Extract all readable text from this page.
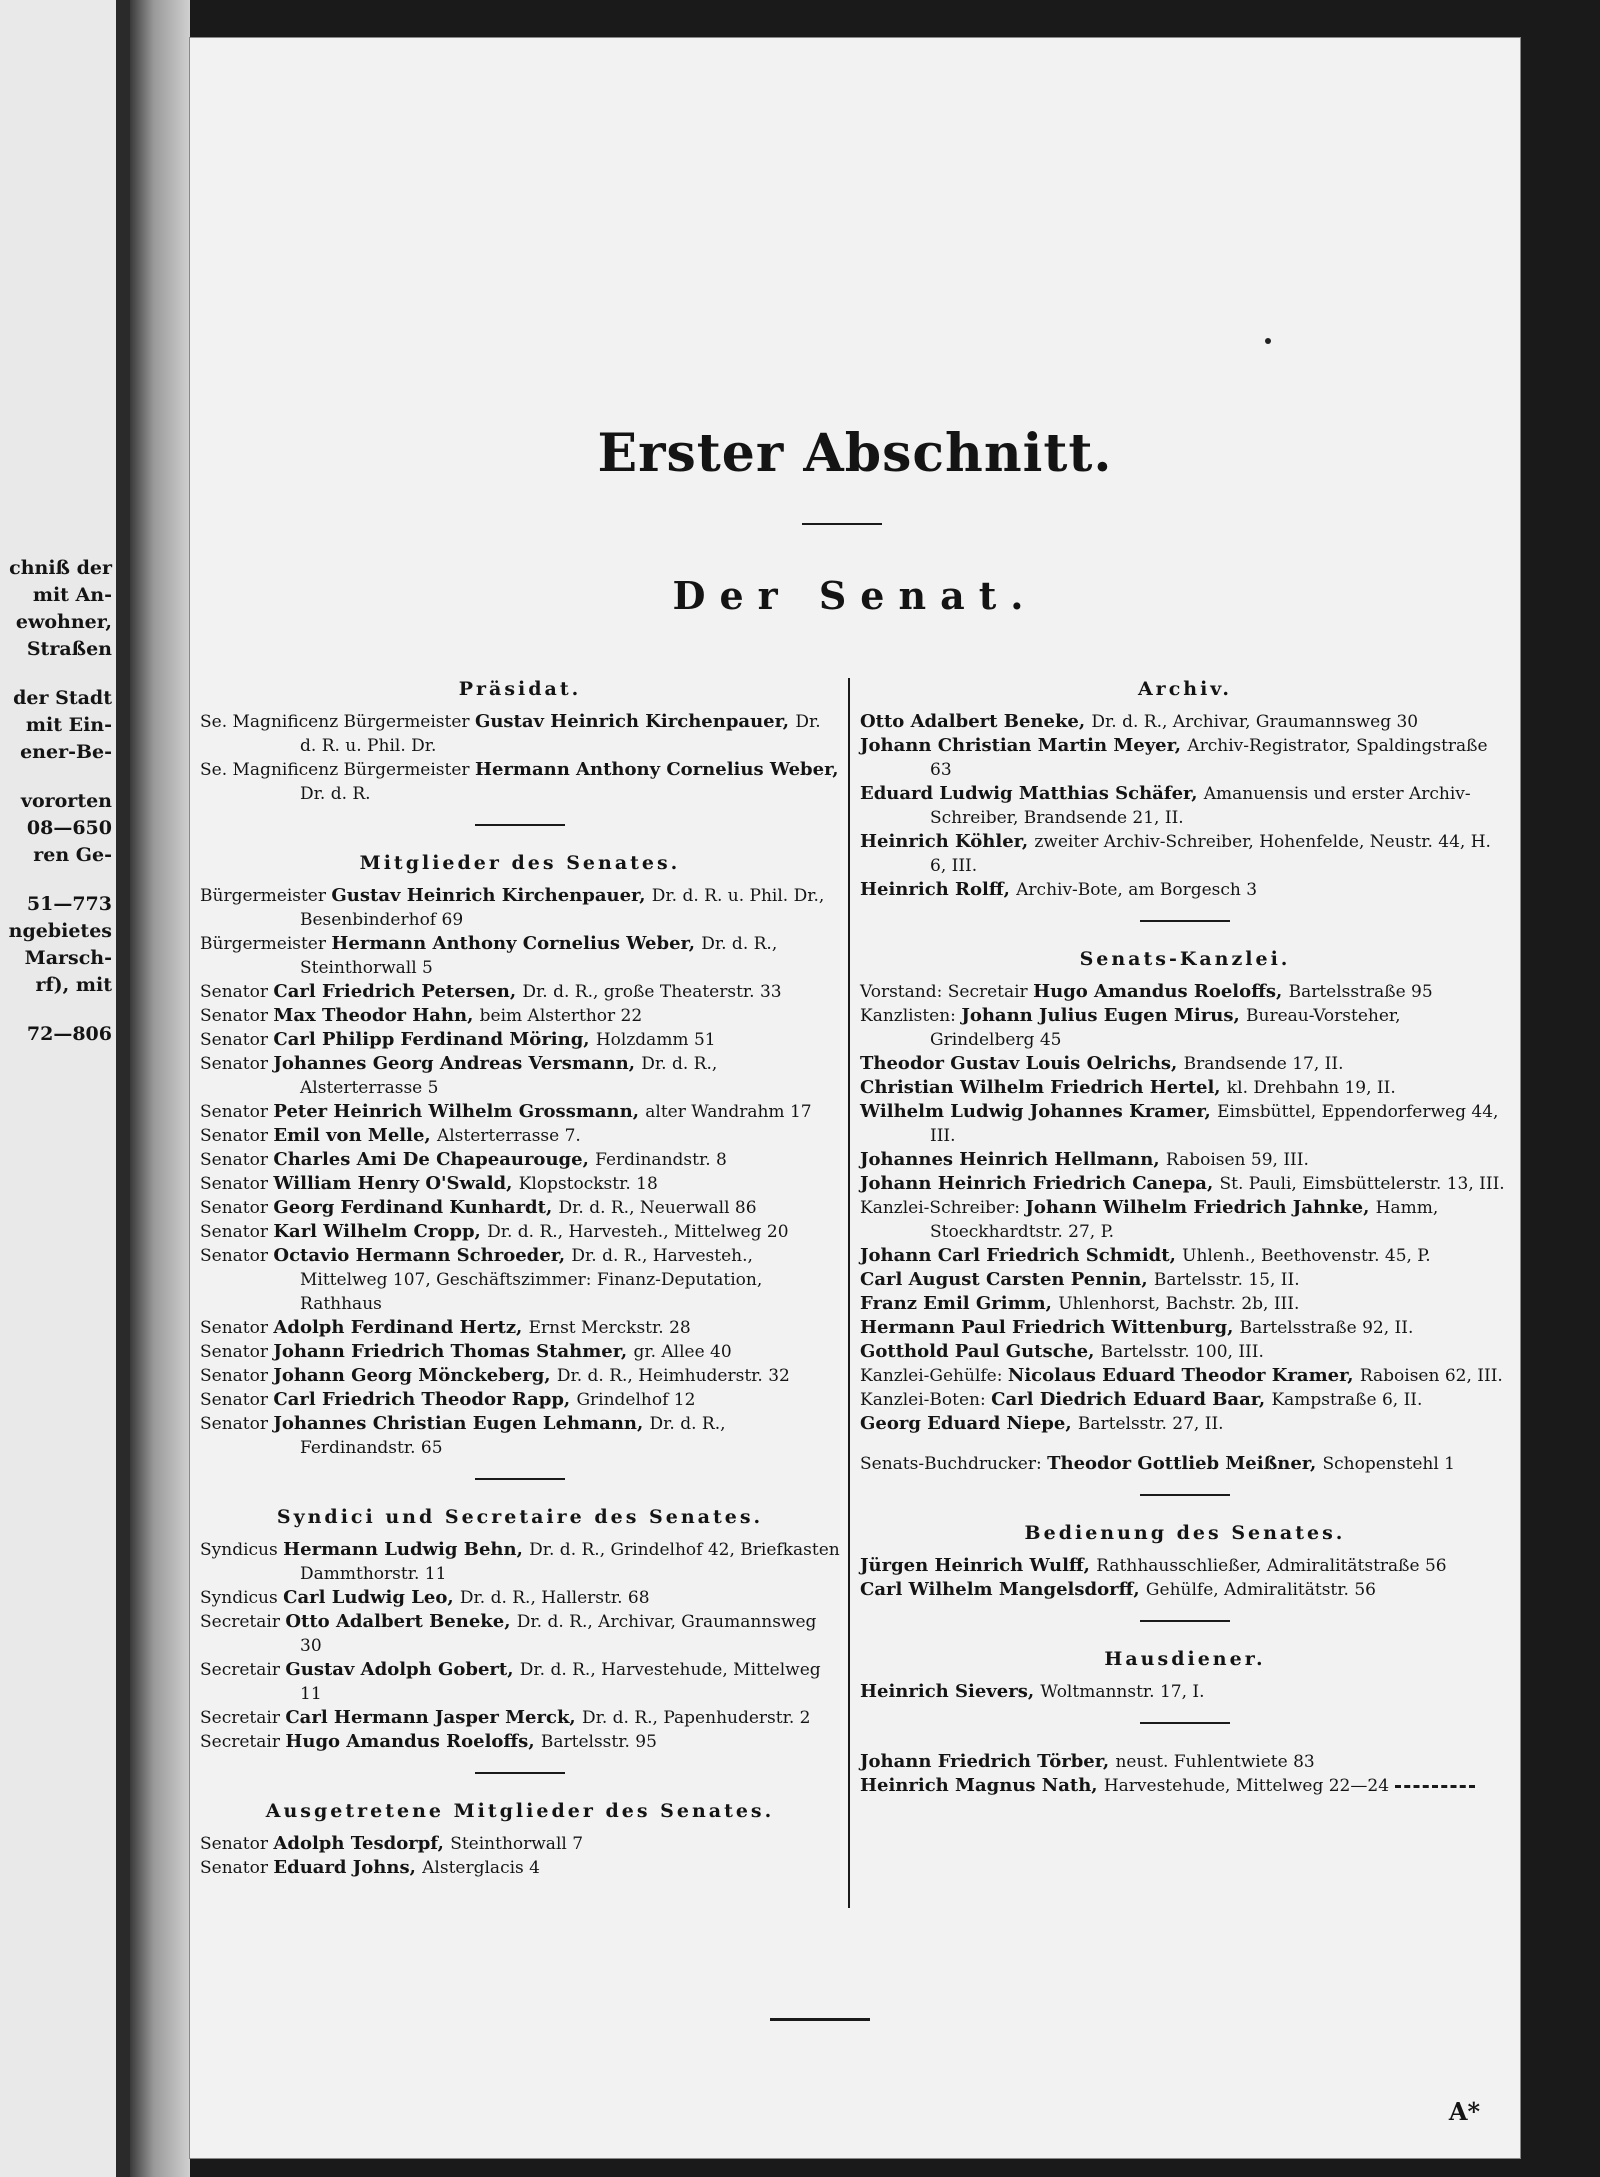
chniß der
mit An-
ewohner,
Straßen
der Stadt
mit Ein-
ener-Be-
vororten
08—650
ren Ge-
51—773
ngebietes
Marsch-
rf), mit
72—806
Erster Abschnitt.
Der Senat.
Präsidat.

Se. Magnificenz Bürgermeister Gustav Heinrich Kirchenpauer, Dr. d. R. u. Phil. Dr.

Se. Magnificenz Bürgermeister Hermann Anthony Cornelius Weber, Dr. d. R.

Mitglieder des Senates.

Bürgermeister Gustav Heinrich Kirchenpauer, Dr. d. R. u. Phil. Dr., Besenbinderhof 69

Bürgermeister Hermann Anthony Cornelius Weber, Dr. d. R., Steinthorwall 5

Senator Carl Friedrich Petersen, Dr. d. R., große Theaterstr. 33

Senator Max Theodor Hahn, beim Alsterthor 22

Senator Carl Philipp Ferdinand Möring, Holzdamm 51

Senator Johannes Georg Andreas Versmann, Dr. d. R., Alsterterrasse 5

Senator Peter Heinrich Wilhelm Grossmann, alter Wandrahm 17

Senator Emil von Melle, Alsterterrasse 7.

Senator Charles Ami De Chapeaurouge, Ferdinandstr. 8

Senator William Henry O'Swald, Klopstockstr. 18

Senator Georg Ferdinand Kunhardt, Dr. d. R., Neuerwall 86

Senator Karl Wilhelm Cropp, Dr. d. R., Harvesteh., Mittelweg 20

Senator Octavio Hermann Schroeder, Dr. d. R., Harvesteh., Mittelweg 107, Geschäftszimmer: Finanz-Deputation, Rathhaus

Senator Adolph Ferdinand Hertz, Ernst Merckstr. 28

Senator Johann Friedrich Thomas Stahmer, gr. Allee 40

Senator Johann Georg Mönckeberg, Dr. d. R., Heimhuderstr. 32

Senator Carl Friedrich Theodor Rapp, Grindelhof 12

Senator Johannes Christian Eugen Lehmann, Dr. d. R., Ferdinandstr. 65

Syndici und Secretaire des Senates.

Syndicus Hermann Ludwig Behn, Dr. d. R., Grindelhof 42, Briefkasten Dammthorstr. 11

Syndicus Carl Ludwig Leo, Dr. d. R., Hallerstr. 68

Secretair Otto Adalbert Beneke, Dr. d. R., Archivar, Graumannsweg 30

Secretair Gustav Adolph Gobert, Dr. d. R., Harvestehude, Mittelweg 11

Secretair Carl Hermann Jasper Merck, Dr. d. R., Papenhuderstr. 2

Secretair Hugo Amandus Roeloffs, Bartelsstr. 95

Ausgetretene Mitglieder des Senates.

Senator Adolph Tesdorpf, Steinthorwall 7

Senator Eduard Johns, Alsterglacis 4

Archiv.

Otto Adalbert Beneke, Dr. d. R., Archivar, Graumannsweg 30

Johann Christian Martin Meyer, Archiv-Registrator, Spaldingstraße 63

Eduard Ludwig Matthias Schäfer, Amanuensis und erster Archiv-Schreiber, Brandsende 21, II.

Heinrich Köhler, zweiter Archiv-Schreiber, Hohenfelde, Neustr. 44, H. 6, III.

Heinrich Rolff, Archiv-Bote, am Borgesch 3

Senats-Kanzlei.

Vorstand: Secretair Hugo Amandus Roeloffs, Bartelsstraße 95

Kanzlisten: Johann Julius Eugen Mirus, Bureau-Vorsteher, Grindelberg 45

Theodor Gustav Louis Oelrichs, Brandsende 17, II.

Christian Wilhelm Friedrich Hertel, kl. Drehbahn 19, II.

Wilhelm Ludwig Johannes Kramer, Eimsbüttel, Eppendorferweg 44, III.

Johannes Heinrich Hellmann, Raboisen 59, III.

Johann Heinrich Friedrich Canepa, St. Pauli, Eimsbüttelerstr. 13, III.

Kanzlei-Schreiber: Johann Wilhelm Friedrich Jahnke, Hamm, Stoeckhardtstr. 27, P.

Johann Carl Friedrich Schmidt, Uhlenh., Beethovenstr. 45, P.

Carl August Carsten Pennin, Bartelsstr. 15, II.

Franz Emil Grimm, Uhlenhorst, Bachstr. 2b, III.

Hermann Paul Friedrich Wittenburg, Bartelsstraße 92, II.

Gotthold Paul Gutsche, Bartelsstr. 100, III.

Kanzlei-Gehülfe: Nicolaus Eduard Theodor Kramer, Raboisen 62, III.

Kanzlei-Boten: Carl Diedrich Eduard Baar, Kampstraße 6, II.

Georg Eduard Niepe, Bartelsstr. 27, II.

Senats-Buchdrucker: Theodor Gottlieb Meißner, Schopenstehl 1

Bedienung des Senates.

Jürgen Heinrich Wulff, Rathhausschließer, Admiralitätstraße 56

Carl Wilhelm Mangelsdorff, Gehülfe, Admiralitätstr. 56

Hausdiener.

Heinrich Sievers, Woltmannstr. 17, I.

Johann Friedrich Törber, neust. Fuhlentwiete 83

Heinrich Magnus Nath, Harvestehude, Mittelweg 22—24

A*
